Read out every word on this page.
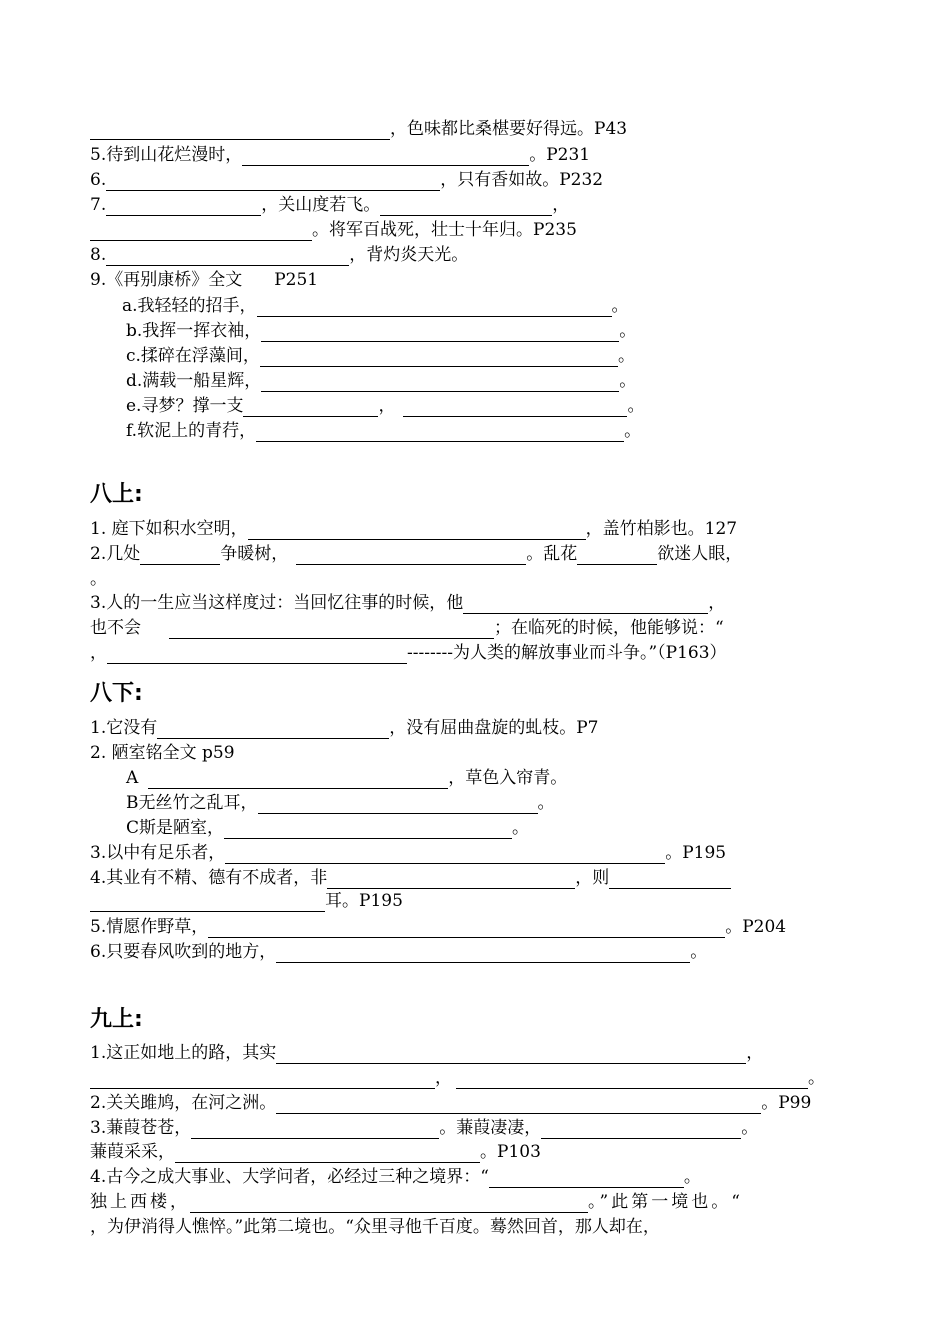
，色味都比桑椹要好得远。P43
5.待到山花烂漫时，	。P231
6.	，只有香如故。P232
7.	，关山度若飞。	，
。将军百战死，壮士十年归。P235
8.	，背灼炎天光。
9.《再别康桥》全文 P251
a.我轻轻的招手，	。
b.我挥一挥衣袖，	。
c.揉碎在浮藻间，	。
d.满载一船星辉，	。
e.寻梦？撑一支	，	。
f.软泥上的青荇，	。
八上:
1. 庭下如积水空明，	，盖竹柏影也。127
2.几处	争暖树，	。乱花	欲迷人眼，
。
3.人的一生应当这样度过：当回忆往事的时候，他	，
也不会	；在临死的时候，他能够说：“
，	--------为人类的解放事业而斗争。”（P163）
八下:
1.它没有	，没有屈曲盘旋的虬枝。P7
2. 陋室铭全文 p59
A	，草色入帘青。
B无丝竹之乱耳，	。
C斯是陋室，	。
3.以中有足乐者，	。P195
4.其业有不精、德有不成者，非	，则
耳。P195
5.情愿作野草，	。P204
6.只要春风吹到的地方，	。
九上:
1.这正如地上的路，其实	，
，	。
2.关关雎鸠，在河之洲。	。P99
3.蒹葭苍苍，	。蒹葭凄凄，	。
蒹葭采采，	。P103
4.古今之成大事业、大学问者，必经过三种之境界：“	。
独上西楼，	。”此第一境也。“
，为伊消得人憔悴。”此第二境也。“众里寻他千百度。蓦然回首，那人却在，
